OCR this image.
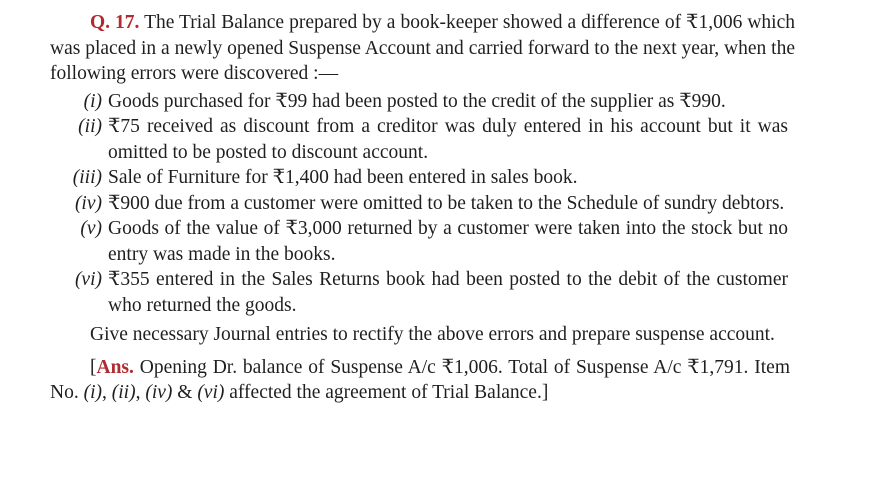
Q. 17. The Trial Balance prepared by a book-keeper showed a difference of ₹1,006 which was placed in a newly opened Suspense Account and carried forward to the next year, when the following errors were discovered :—

(i) Goods purchased for ₹99 had been posted to the credit of the supplier as ₹990.
(ii) ₹75 received as discount from a creditor was duly entered in his account but it was omitted to be posted to discount account.
(iii) Sale of Furniture for ₹1,400 had been entered in sales book.
(iv) ₹900 due from a customer were omitted to be taken to the Schedule of sundry debtors.
(v) Goods of the value of ₹3,000 returned by a customer were taken into the stock but no entry was made in the books.
(vi) ₹355 entered in the Sales Returns book had been posted to the debit of the customer who returned the goods.

Give necessary Journal entries to rectify the above errors and prepare suspense account.

[Ans. Opening Dr. balance of Suspense A/c ₹1,006. Total of Suspense A/c ₹1,791. Item No. (i), (ii), (iv) & (vi) affected the agreement of Trial Balance.]
